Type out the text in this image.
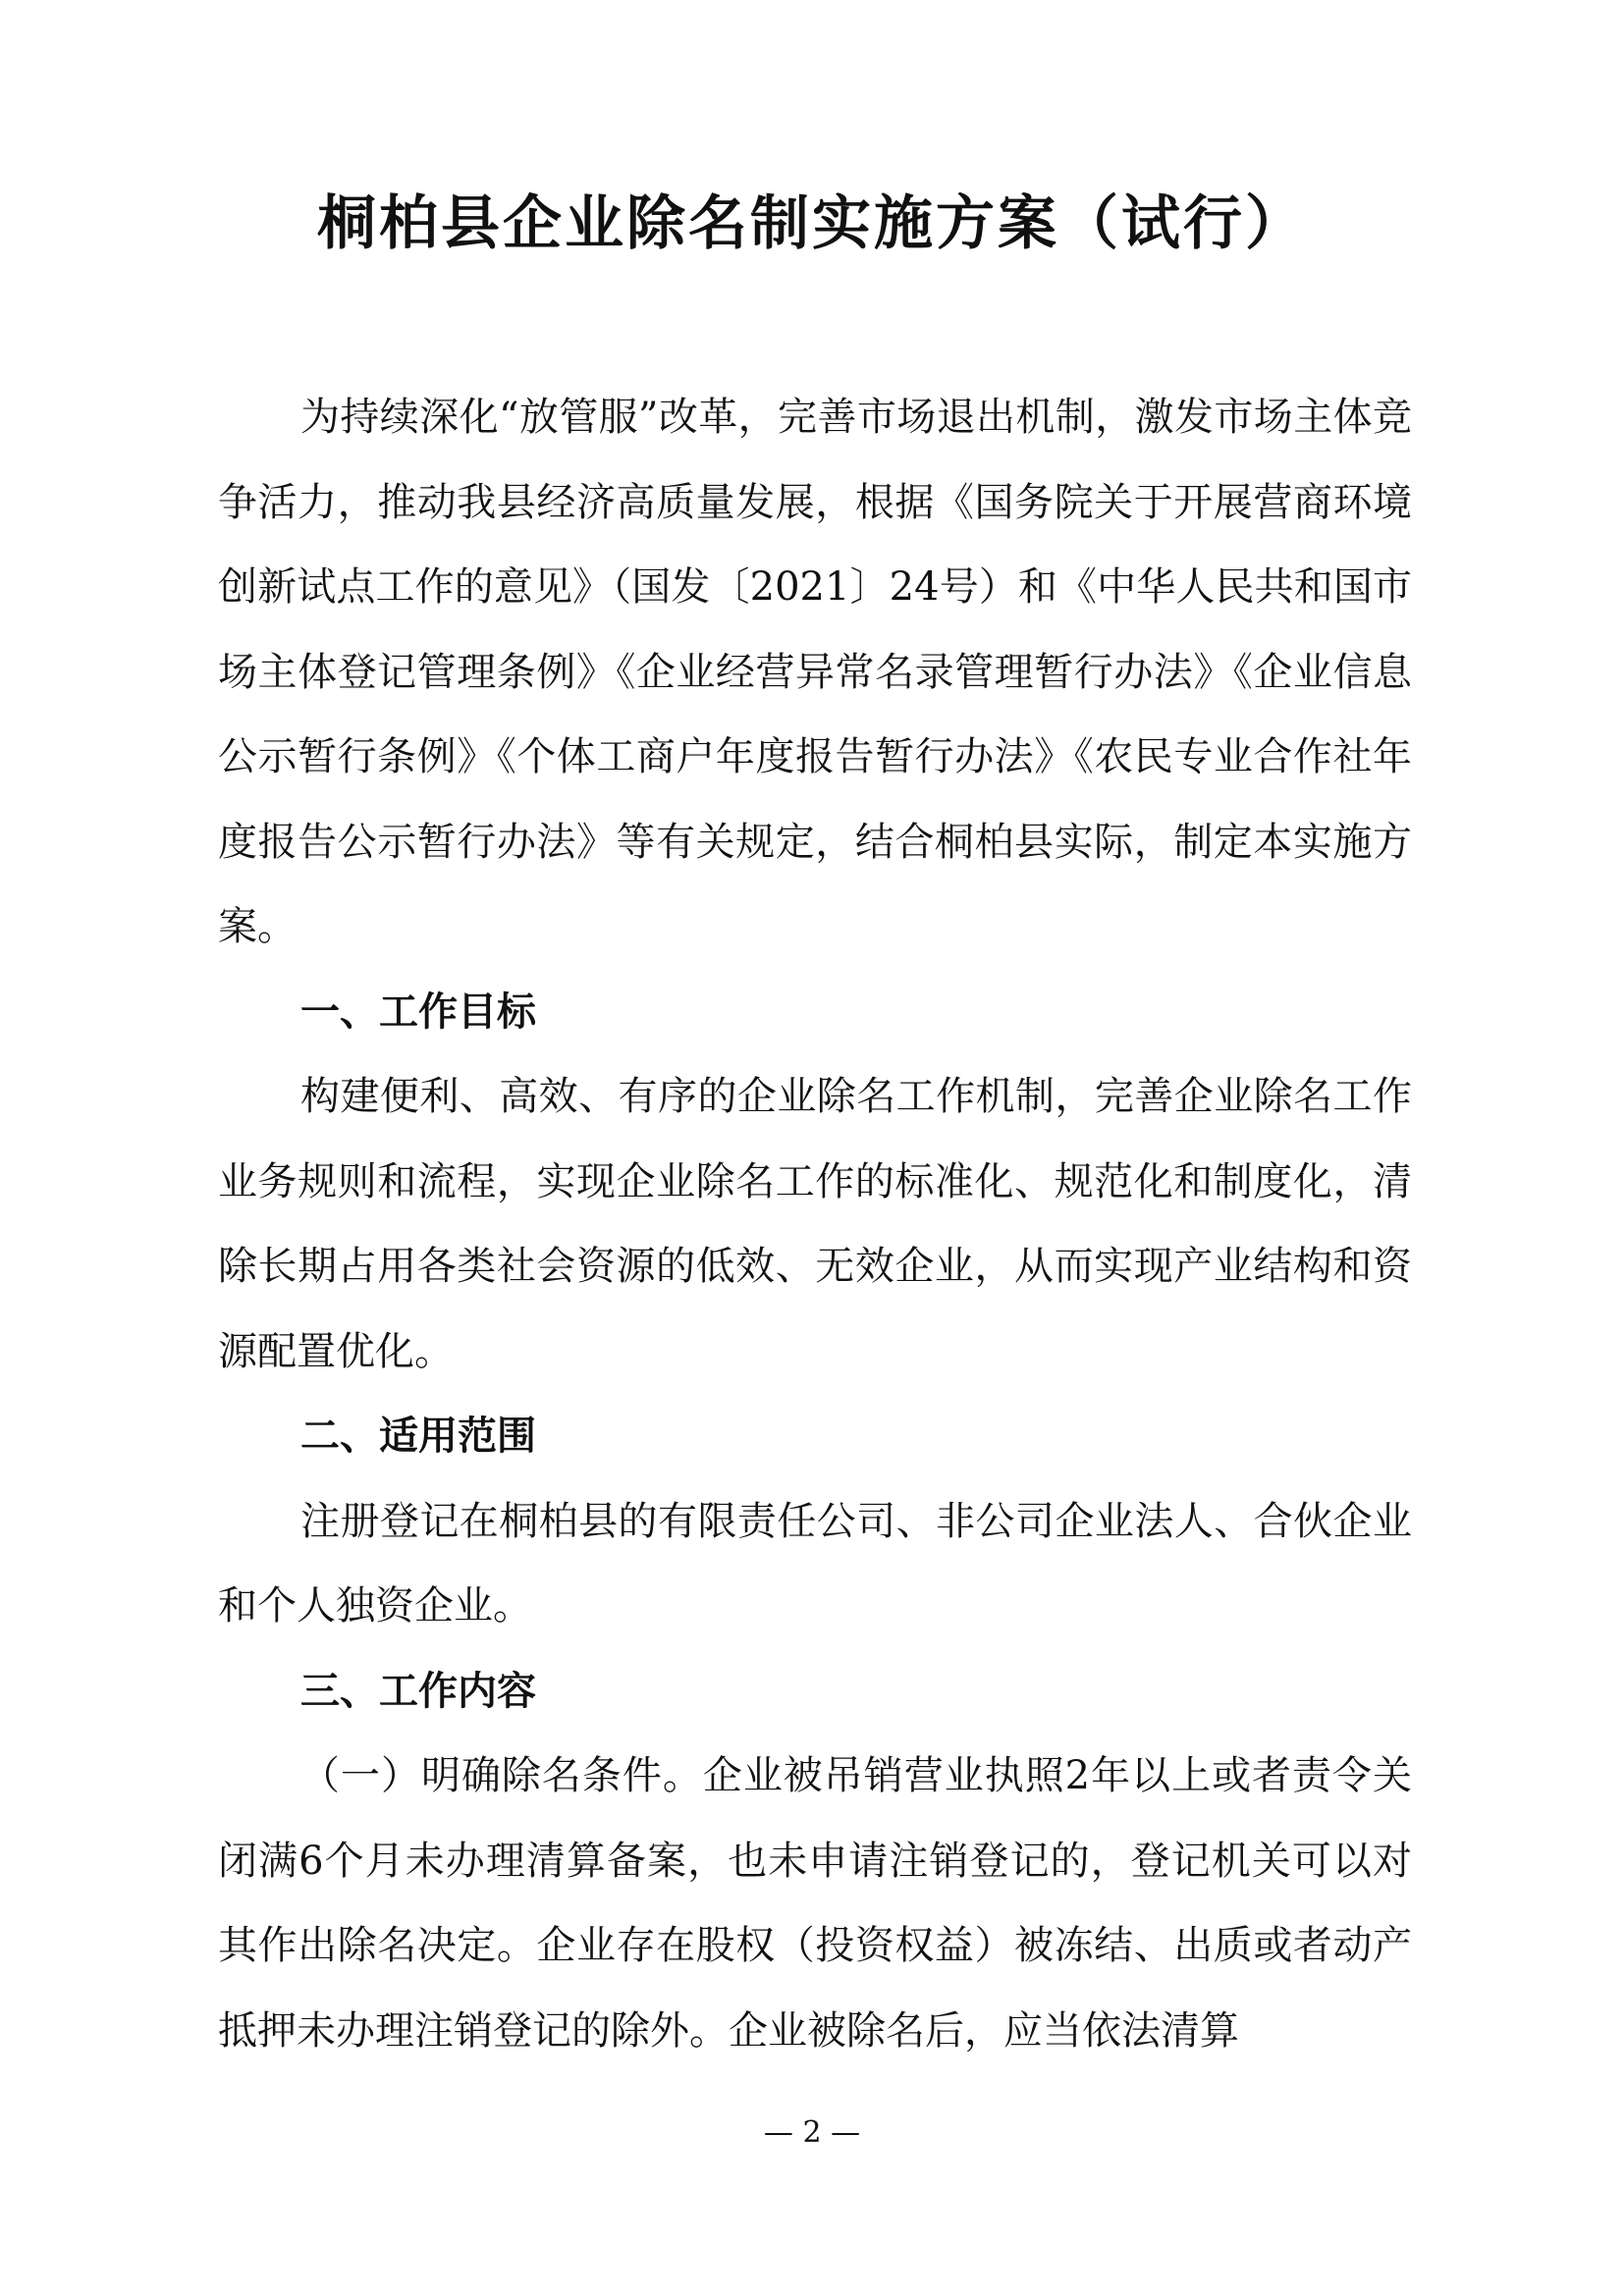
桐柏县企业除名制实施方案（试行）

为持续深化“放管服”改革，完善市场退出机制，激发市场主体竞争活力，推动我县经济高质量发展，根据《国务院关于开展营商环境创新试点工作的意见》（国发〔2021〕24号）和《中华人民共和国市场主体登记管理条例》《企业经营异常名录管理暂行办法》《企业信息公示暂行条例》《个体工商户年度报告暂行办法》《农民专业合作社年度报告公示暂行办法》等有关规定，结合桐柏县实际，制定本实施方案。

一、工作目标

构建便利、高效、有序的企业除名工作机制，完善企业除名工作业务规则和流程，实现企业除名工作的标准化、规范化和制度化，清除长期占用各类社会资源的低效、无效企业，从而实现产业结构和资源配置优化。

二、适用范围

注册登记在桐柏县的有限责任公司、非公司企业法人、合伙企业和个人独资企业。

三、工作内容

（一）明确除名条件。企业被吊销营业执照2年以上或者责令关闭满6个月未办理清算备案，也未申请注销登记的，登记机关可以对其作出除名决定。企业存在股权（投资权益）被冻结、出质或者动产抵押未办理注销登记的除外。企业被除名后，应当依法清算

— 2 —
